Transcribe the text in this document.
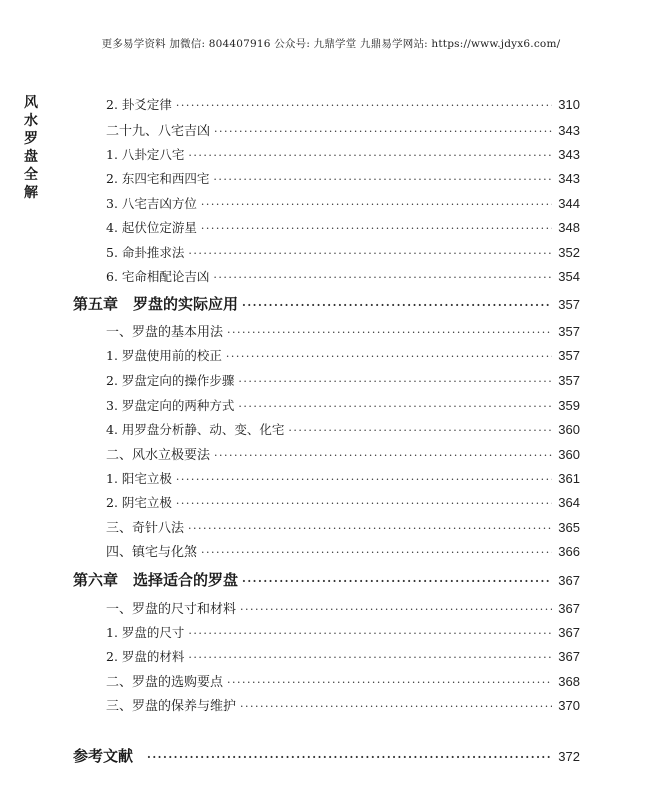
更多易学资料 加微信: 804407916 公众号: 九鼎学堂 九鼎易学网站: https://www.jdyx6.com/
风
水
罗
盘
全
解
2. 卦爻定律 ·····	310
二十九、八宅吉凶 ·····	343
1. 八卦定八宅 ·····	343
2. 东四宅和西四宅 ·····	343
3. 八宅吉凶方位 ·····	344
4. 起伏位定游星 ·····	348
5. 命卦推求法 ·····	352
6. 宅命相配论吉凶 ·····	354
第五章　罗盘的实际应用 ·····	357
一、罗盘的基本用法 ·····	357
1. 罗盘使用前的校正 ·····	357
2. 罗盘定向的操作步骤 ·····	357
3. 罗盘定向的两种方式 ·····	359
4. 用罗盘分析静、动、变、化宅 ·····	360
二、风水立极要法 ·····	360
1. 阳宅立极 ·····	361
2. 阴宅立极 ·····	364
三、奇针八法 ·····	365
四、镇宅与化煞 ·····	366
第六章　选择适合的罗盘 ·····	367
一、罗盘的尺寸和材料 ·····	367
1. 罗盘的尺寸 ·····	367
2. 罗盘的材料 ·····	367
二、罗盘的选购要点 ·····	368
三、罗盘的保养与维护 ·····	370
参考文献 ·····	372
